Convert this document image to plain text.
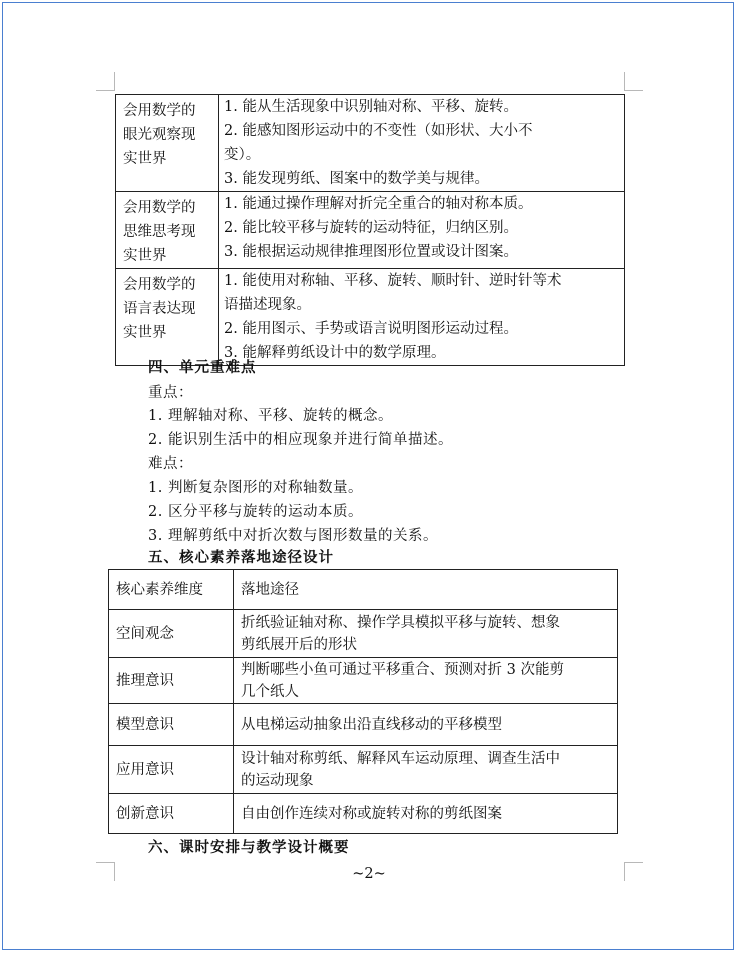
会用数学的
眼光观察现
实世界	1. 能从生活现象中识别轴对称、平移、旋转。
2. 能感知图形运动中的不变性（如形状、大小不
变）。
3. 能发现剪纸、图案中的数学美与规律。

会用数学的
思维思考现
实世界	1. 能通过操作理解对折完全重合的轴对称本质。
2. 能比较平移与旋转的运动特征，归纳区别。
3. 能根据运动规律推理图形位置或设计图案。

会用数学的
语言表达现
实世界	1. 能使用对称轴、平移、旋转、顺时针、逆时针等术
语描述现象。
2. 能用图示、手势或语言说明图形运动过程。
3. 能解释剪纸设计中的数学原理。
四、单元重难点
重点：
1. 理解轴对称、平移、旋转的概念。
2. 能识别生活中的相应现象并进行简单描述。
难点：
1. 判断复杂图形的对称轴数量。
2. 区分平移与旋转的运动本质。
3. 理解剪纸中对折次数与图形数量的关系。
五、核心素养落地途径设计
核心素养维度	落地途径
空间观念	折纸验证轴对称、操作学具模拟平移与旋转、想象
剪纸展开后的形状

推理意识	判断哪些小鱼可通过平移重合、预测对折 3 次能剪
几个纸人

模型意识	从电梯运动抽象出沿直线移动的平移模型

应用意识	设计轴对称剪纸、解释风车运动原理、调查生活中
的运动现象

创新意识	自由创作连续对称或旋转对称的剪纸图案
六、课时安排与教学设计概要
~2~
